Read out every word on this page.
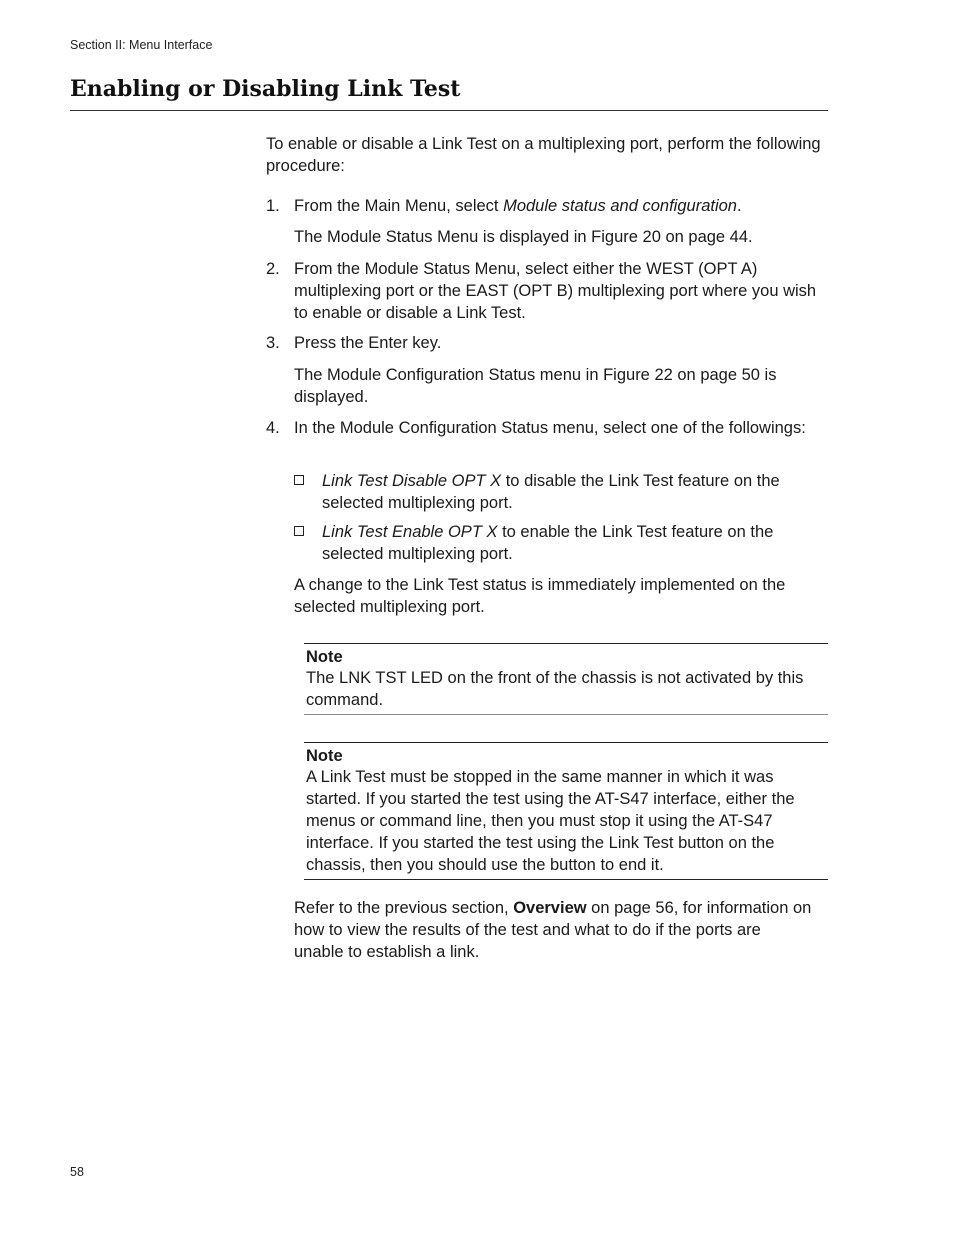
Section II: Menu Interface
Enabling or Disabling Link Test

To enable or disable a Link Test on a multiplexing port, perform the following procedure:

1. From the Main Menu, select Module status and configuration.

The Module Status Menu is displayed in Figure 20 on page 44.

2. From the Module Status Menu, select either the WEST (OPT A) multiplexing port or the EAST (OPT B) multiplexing port where you wish to enable or disable a Link Test.
3. Press the Enter key.

The Module Configuration Status menu in Figure 22 on page 50 is displayed.

4. In the Module Configuration Status menu, select one of the followings:
Link Test Disable OPT X to disable the Link Test feature on the selected multiplexing port.
Link Test Enable OPT X to enable the Link Test feature on the selected multiplexing port.

A change to the Link Test status is immediately implemented on the selected multiplexing port.

Note
The LNK TST LED on the front of the chassis is not activated by this command.
Note
A Link Test must be stopped in the same manner in which it was started. If you started the test using the AT-S47 interface, either the menus or command line, then you must stop it using the AT-S47 interface. If you started the test using the Link Test button on the chassis, then you should use the button to end it.

Refer to the previous section, Overview on page 56, for information on how to view the results of the test and what to do if the ports are unable to establish a link.

58
